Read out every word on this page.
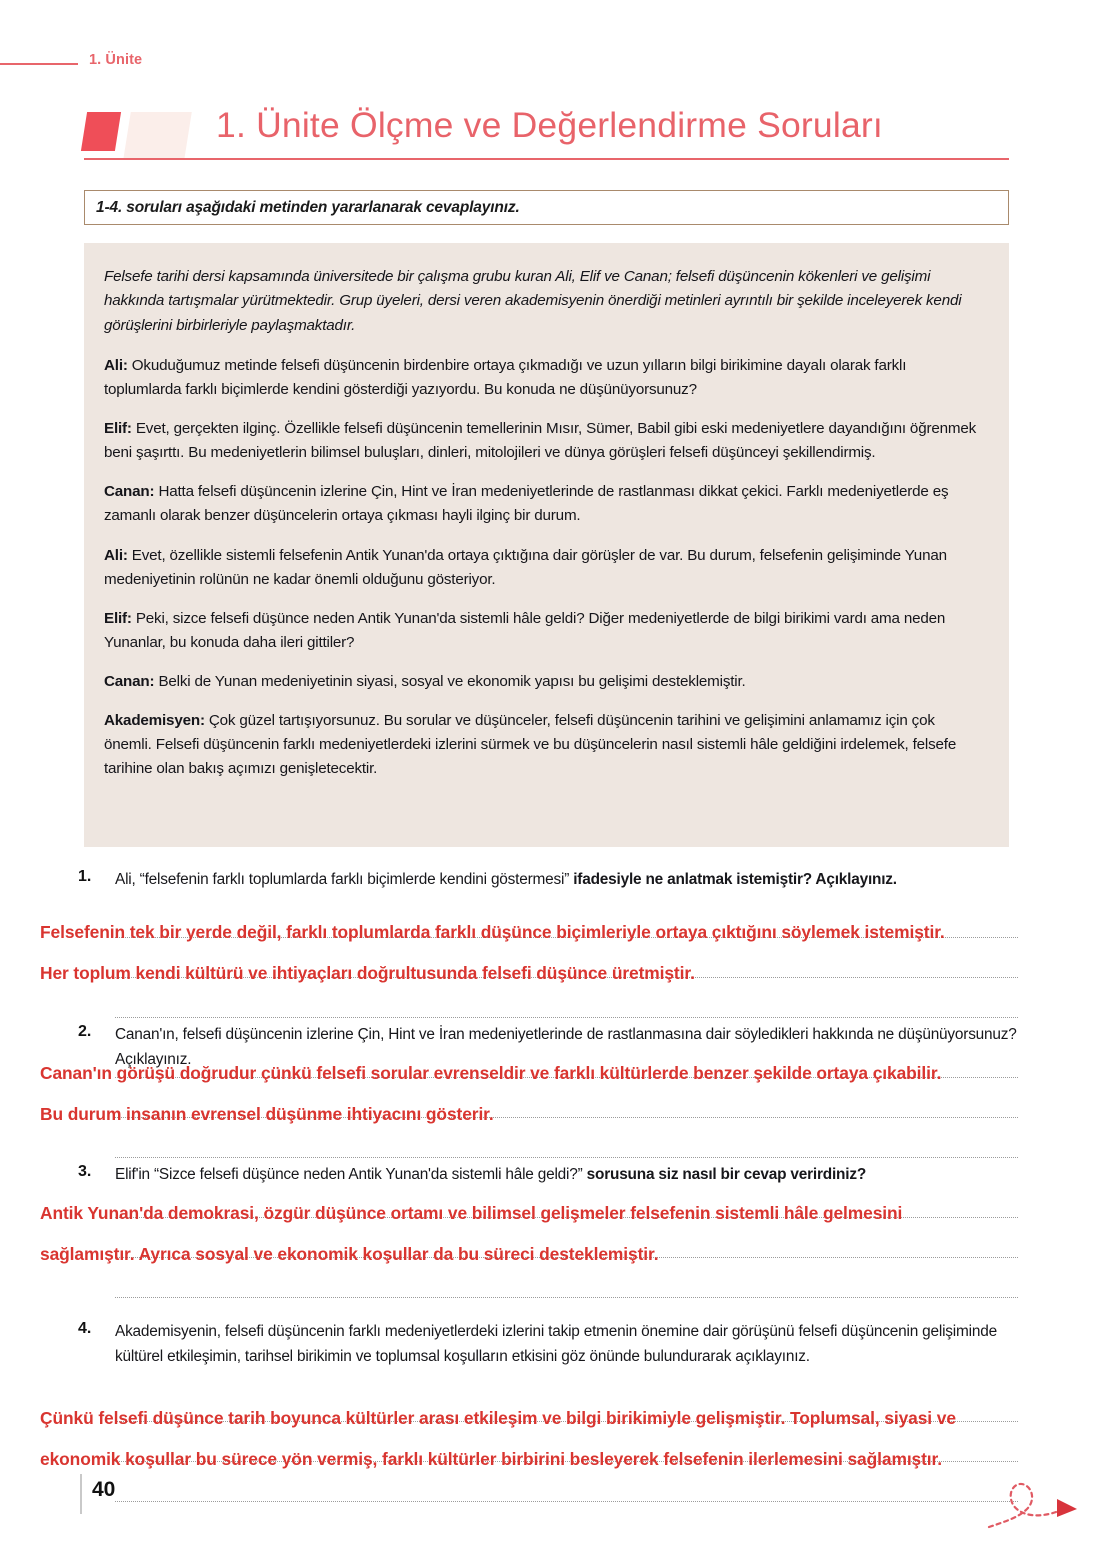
1. Ünite
1. Ünite Ölçme ve Değerlendirme Soruları
1-4. soruları aşağıdaki metinden yararlanarak cevaplayınız.

Felsefe tarihi dersi kapsamında üniversitede bir çalışma grubu kuran Ali, Elif ve Canan; felsefi düşüncenin kökenleri ve gelişimi hakkında tartışmalar yürütmektedir. Grup üyeleri, dersi veren akademisyenin önerdiği metinleri ayrıntılı bir şekilde inceleyerek kendi görüşlerini birbirleriyle paylaşmaktadır.

Ali: Okuduğumuz metinde felsefi düşüncenin birdenbire ortaya çıkmadığı ve uzun yılların bilgi birikimine dayalı olarak farklı toplumlarda farklı biçimlerde kendini gösterdiği yazıyordu. Bu konuda ne düşünüyorsunuz?

Elif: Evet, gerçekten ilginç. Özellikle felsefi düşüncenin temellerinin Mısır, Sümer, Babil gibi eski medeniyetlere dayandığını öğrenmek beni şaşırttı. Bu medeniyetlerin bilimsel buluşları, dinleri, mitolojileri ve dünya görüşleri felsefi düşünceyi şekillendirmiş.

Canan: Hatta felsefi düşüncenin izlerine Çin, Hint ve İran medeniyetlerinde de rastlanması dikkat çekici. Farklı medeniyetlerde eş zamanlı olarak benzer düşüncelerin ortaya çıkması hayli ilginç bir durum.

Ali: Evet, özellikle sistemli felsefenin Antik Yunan'da ortaya çıktığına dair görüşler de var. Bu durum, felsefenin gelişiminde Yunan medeniyetinin rolünün ne kadar önemli olduğunu gösteriyor.

Elif: Peki, sizce felsefi düşünce neden Antik Yunan'da sistemli hâle geldi? Diğer medeniyetlerde de bilgi birikimi vardı ama neden Yunanlar, bu konuda daha ileri gittiler?

Canan: Belki de Yunan medeniyetinin siyasi, sosyal ve ekonomik yapısı bu gelişimi desteklemiştir.

Akademisyen: Çok güzel tartışıyorsunuz. Bu sorular ve düşünceler, felsefi düşüncenin tarihini ve gelişimini anlamamız için çok önemli. Felsefi düşüncenin farklı medeniyetlerdeki izlerini sürmek ve bu düşüncelerin nasıl sistemli hâle geldiğini irdelemek, felsefe tarihine olan bakış açımızı genişletecektir.

1.	Ali, “felsefenin farklı toplumlarda farklı biçimlerde kendini göstermesi” ifadesiyle ne anlatmak istemiştir? Açıklayınız.
Felsefenin tek bir yerde değil, farklı toplumlarda farklı düşünce biçimleriyle ortaya çıktığını söylemek istemiştir. Her toplum kendi kültürü ve ihtiyaçları doğrultusunda felsefi düşünce üretmiştir.
2.	Canan'ın, felsefi düşüncenin izlerine Çin, Hint ve İran medeniyetlerinde de rastlanmasına dair söyledikleri hakkında ne düşünüyorsunuz? Açıklayınız.
Canan'ın görüşü doğrudur çünkü felsefi sorular evrenseldir ve farklı kültürlerde benzer şekilde ortaya çıkabilir. Bu durum insanın evrensel düşünme ihtiyacını gösterir.
3.	Elif'in “Sizce felsefi düşünce neden Antik Yunan'da sistemli hâle geldi?” sorusuna siz nasıl bir cevap verirdiniz?
Antik Yunan'da demokrasi, özgür düşünce ortamı ve bilimsel gelişmeler felsefenin sistemli hâle gelmesini sağlamıştır. Ayrıca sosyal ve ekonomik koşullar da bu süreci desteklemiştir.
4.	Akademisyenin, felsefi düşüncenin farklı medeniyetlerdeki izlerini takip etmenin önemine dair görüşünü felsefi düşüncenin gelişiminde kültürel etkileşimin, tarihsel birikimin ve toplumsal koşulların etkisini göz önünde bulundurarak açıklayınız.
Çünkü felsefi düşünce tarih boyunca kültürler arası etkileşim ve bilgi birikimiyle gelişmiştir. Toplumsal, siyasi ve ekonomik koşullar bu sürece yön vermiş, farklı kültürler birbirini besleyerek felsefenin ilerlemesini sağlamıştır.
40
